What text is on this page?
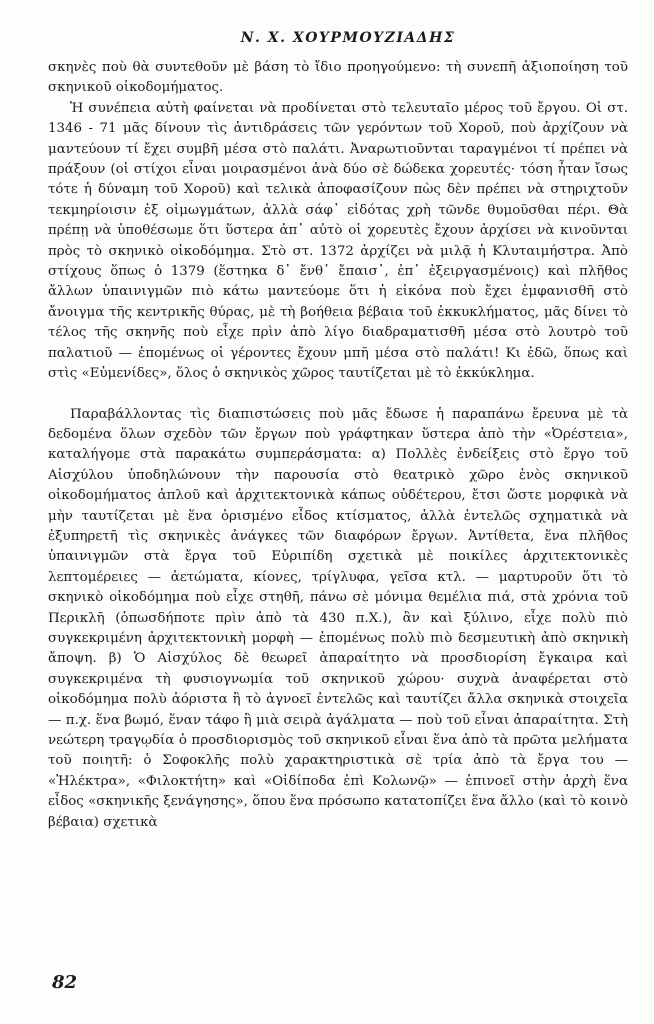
Ν. Χ. ΧΟΥΡΜΟΥΖΙΑΔΗΣ

σκηνὲς ποὺ θὰ συντεθοῦν μὲ βάση τὸ ἴδιο προηγούμενο: τὴ συνεπῆ ἀξιοποίηση τοῦ σκηνικοῦ οἰκοδομήματος.

Ἡ συνέπεια αὐτὴ φαίνεται νὰ προδίνεται στὸ τελευταῖο μέρος τοῦ ἔργου. Οἱ στ. 1346 - 71 μᾶς δίνουν τὶς ἀντιδράσεις τῶν γερόντων τοῦ Χοροῦ, ποὺ ἀρχίζουν νὰ μαντεύουν τί ἔχει συμβῆ μέσα στὸ παλάτι. Ἀναρωτιοῦνται ταραγμένοι τί πρέπει νὰ πράξουν (οἱ στίχοι εἶναι μοιρασμένοι ἀνὰ δύο σὲ δώδεκα χορευτές· τόση ἦταν ἴσως τότε ἡ δύναμη τοῦ Χοροῦ) καὶ τελικὰ ἀποφασίζουν πὼς δὲν πρέπει νὰ στηριχτοῦν τεκμηρίοισιν ἐξ οἰμωγμάτων, ἀλλὰ σάφ᾿ εἰδότας χρὴ τῶνδε θυμοῦσθαι πέρι. Θὰ πρέπῃ νὰ ὑποθέσωμε ὅτι ὕστερα ἀπ᾿ αὐτὸ οἱ χορευτὲς ἔχουν ἀρχίσει νὰ κινοῦνται πρὸς τὸ σκηνικὸ οἰκοδόμημα. Στὸ στ. 1372 ἀρχίζει νὰ μιλᾷ ἡ Κλυταιμήστρα. Ἀπὸ στίχους ὅπως ὁ 1379 (ἕστηκα δ᾿ ἔνθ᾿ ἔπαισ᾿, ἐπ᾿ ἐξειργασμένοις) καὶ πλῆθος ἄλλων ὑπαινιγμῶν πιὸ κάτω μαντεύομε ὅτι ἡ εἰκόνα ποὺ ἔχει ἐμφανισθῆ στὸ ἄνοιγμα τῆς κεντρικῆς θύρας, μὲ τὴ βοήθεια βέβαια τοῦ ἐκκυκλήματος, μᾶς δίνει τὸ τέλος τῆς σκηνῆς ποὺ εἶχε πρὶν ἀπὸ λίγο διαδραματισθῆ μέσα στὸ λουτρὸ τοῦ παλατιοῦ — ἑπομένως οἱ γέροντες ἔχουν μπῆ μέσα στὸ παλάτι! Κι ἐδῶ, ὅπως καὶ στὶς «Εὐμενίδες», ὅλος ὁ σκηνικὸς χῶρος ταυτίζεται μὲ τὸ ἐκκύκλημα.

Παραβάλλοντας τὶς διαπιστώσεις ποὺ μᾶς ἔδωσε ἡ παραπάνω ἔρευνα μὲ τὰ δεδομένα ὅλων σχεδὸν τῶν ἔργων ποὺ γράφτηκαν ὕστερα ἀπὸ τὴν «Ὀρέστεια», καταλήγομε στὰ παρακάτω συμπεράσματα: α) Πολλὲς ἐνδείξεις στὸ ἔργο τοῦ Αἰσχύλου ὑποδηλώνουν τὴν παρουσία στὸ θεατρικὸ χῶρο ἑνὸς σκηνικοῦ οἰκοδομήματος ἁπλοῦ καὶ ἀρχιτεκτονικὰ κάπως οὐδέτερου, ἔτσι ὥστε μορφικὰ νὰ μὴν ταυτίζεται μὲ ἕνα ὁρισμένο εἶδος κτίσματος, ἀλλὰ ἐντελῶς σχηματικὰ νὰ ἐξυπηρετῆ τὶς σκηνικὲς ἀνάγκες τῶν διαφόρων ἔργων. Ἀντίθετα, ἕνα πλῆθος ὑπαινιγμῶν στὰ ἔργα τοῦ Εὐριπίδη σχετικὰ μὲ ποικίλες ἀρχιτεκτονικὲς λεπτομέρειες — ἀετώματα, κίονες, τρίγλυφα, γεῖσα κτλ. — μαρτυροῦν ὅτι τὸ σκηνικὸ οἰκοδόμημα ποὺ εἶχε στηθῆ, πάνω σὲ μόνιμα θεμέλια πιά, στὰ χρόνια τοῦ Περικλῆ (ὁπωσδήποτε πρὶν ἀπὸ τὰ 430 π.Χ.), ἂν καὶ ξύλινο, εἶχε πολὺ πιὸ συγκεκριμένη ἀρχιτεκτονικὴ μορφὴ — ἑπομένως πολὺ πιὸ δεσμευτικὴ ἀπὸ σκηνικὴ ἄποψη. β) Ὁ Αἰσχύλος δὲ θεωρεῖ ἀπαραίτητο νὰ προσδιορίση ἔγκαιρα καὶ συγκεκριμένα τὴ φυσιογνωμία τοῦ σκηνικοῦ χώρου· συχνὰ ἀναφέρεται στὸ οἰκοδόμημα πολὺ ἀόριστα ἢ τὸ ἀγνοεῖ ἐντελῶς καὶ ταυτίζει ἄλλα σκηνικὰ στοιχεῖα — π.χ. ἕνα βωμό, ἕναν τάφο ἢ μιὰ σειρὰ ἀγάλματα — ποὺ τοῦ εἶναι ἀπαραίτητα. Στὴ νεώτερη τραγῳδία ὁ προσδιορισμὸς τοῦ σκηνικοῦ εἶναι ἕνα ἀπὸ τὰ πρῶτα μελήματα τοῦ ποιητῆ: ὁ Σοφοκλῆς πολὺ χαρακτηριστικὰ σὲ τρία ἀπὸ τὰ ἔργα του — «Ἠλέκτρα», «Φιλοκτήτη» καὶ «Οἰδίποδα ἐπὶ Κολωνῷ» — ἐπινοεῖ στὴν ἀρχὴ ἕνα εἶδος «σκηνικῆς ξενάγησης», ὅπου ἕνα πρόσωπο κατατοπίζει ἕνα ἄλλο (καὶ τὸ κοινὸ βέβαια) σχετικὰ

82
